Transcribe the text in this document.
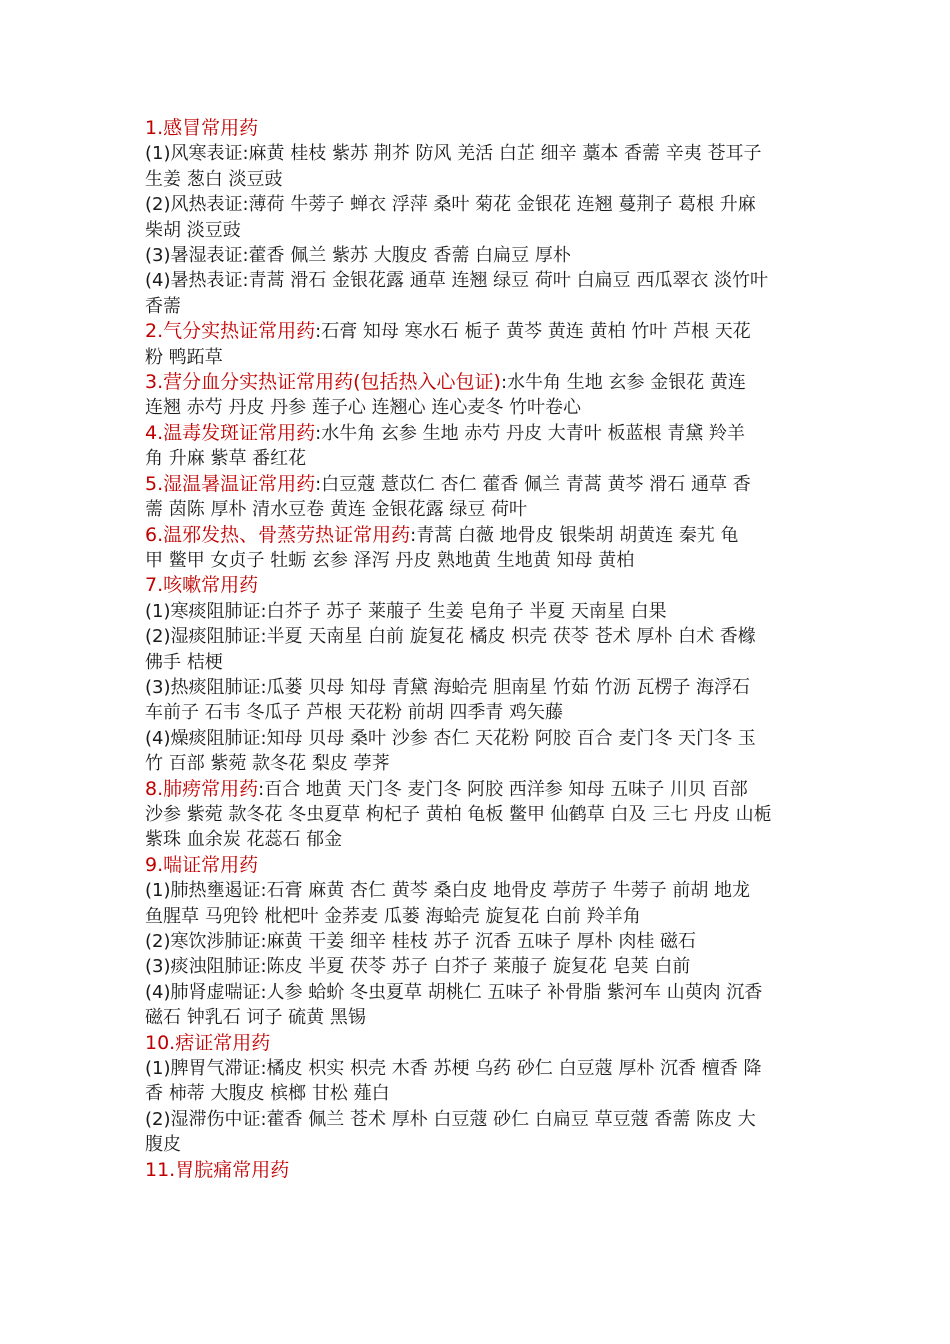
1.感冒常用药
(1)风寒表证:麻黄 桂枝 紫苏 荆芥 防风 羌活 白芷 细辛 藁本 香薷 辛夷 苍耳子
生姜 葱白 淡豆豉
(2)风热表证:薄荷 牛蒡子 蝉衣 浮萍 桑叶 菊花 金银花 连翘 蔓荆子 葛根 升麻
柴胡 淡豆豉
(3)暑湿表证:藿香 佩兰 紫苏 大腹皮 香薷 白扁豆 厚朴
(4)暑热表证:青蒿 滑石 金银花露 通草 连翘 绿豆 荷叶 白扁豆 西瓜翠衣 淡竹叶
香薷
2.气分实热证常用药:石膏 知母 寒水石 栀子 黄芩 黄连 黄柏 竹叶 芦根 天花
粉 鸭跖草
3.营分血分实热证常用药(包括热入心包证):水牛角 生地 玄参 金银花 黄连
连翘 赤芍 丹皮 丹参 莲子心 连翘心 连心麦冬 竹叶卷心
4.温毒发斑证常用药:水牛角 玄参 生地 赤芍 丹皮 大青叶 板蓝根 青黛 羚羊
角 升麻 紫草 番红花
5.湿温暑温证常用药:白豆蔻 薏苡仁 杏仁 藿香 佩兰 青蒿 黄芩 滑石 通草 香
薷 茵陈 厚朴 清水豆卷 黄连 金银花露 绿豆 荷叶
6.温邪发热、骨蒸劳热证常用药:青蒿 白薇 地骨皮 银柴胡 胡黄连 秦艽 龟
甲 鳖甲 女贞子 牡蛎 玄参 泽泻 丹皮 熟地黄 生地黄 知母 黄柏
7.咳嗽常用药
(1)寒痰阻肺证:白芥子 苏子 莱菔子 生姜 皂角子 半夏 天南星 白果
(2)湿痰阻肺证:半夏 天南星 白前 旋复花 橘皮 枳壳 茯苓 苍术 厚朴 白术 香橼
佛手 桔梗
(3)热痰阻肺证:瓜蒌 贝母 知母 青黛 海蛤壳 胆南星 竹茹 竹沥 瓦楞子 海浮石
车前子 石韦 冬瓜子 芦根 天花粉 前胡 四季青 鸡矢藤
(4)燥痰阻肺证:知母 贝母 桑叶 沙参 杏仁 天花粉 阿胶 百合 麦门冬 天门冬 玉
竹 百部 紫菀 款冬花 梨皮 荸荠
8.肺痨常用药:百合 地黄 天门冬 麦门冬 阿胶 西洋参 知母 五味子 川贝 百部
沙参 紫菀 款冬花 冬虫夏草 枸杞子 黄柏 龟板 鳖甲 仙鹤草 白及 三七 丹皮 山栀
紫珠 血余炭 花蕊石 郁金
9.喘证常用药
(1)肺热壅遏证:石膏 麻黄 杏仁 黄芩 桑白皮 地骨皮 葶苈子 牛蒡子 前胡 地龙
鱼腥草 马兜铃 枇杷叶 金荞麦 瓜蒌 海蛤壳 旋复花 白前 羚羊角
(2)寒饮涉肺证:麻黄 干姜 细辛 桂枝 苏子 沉香 五味子 厚朴 肉桂 磁石
(3)痰浊阻肺证:陈皮 半夏 茯苓 苏子 白芥子 莱菔子 旋复花 皂荚 白前
(4)肺肾虚喘证:人参 蛤蚧 冬虫夏草 胡桃仁 五味子 补骨脂 紫河车 山萸肉 沉香
磁石 钟乳石 诃子 硫黄 黑锡
10.痞证常用药
(1)脾胃气滞证:橘皮 枳实 枳壳 木香 苏梗 乌药 砂仁 白豆蔻 厚朴 沉香 檀香 降
香 柿蒂 大腹皮 槟榔 甘松 薤白
(2)湿滞伤中证:藿香 佩兰 苍术 厚朴 白豆蔻 砂仁 白扁豆 草豆蔻 香薷 陈皮 大
腹皮
11.胃脘痛常用药
